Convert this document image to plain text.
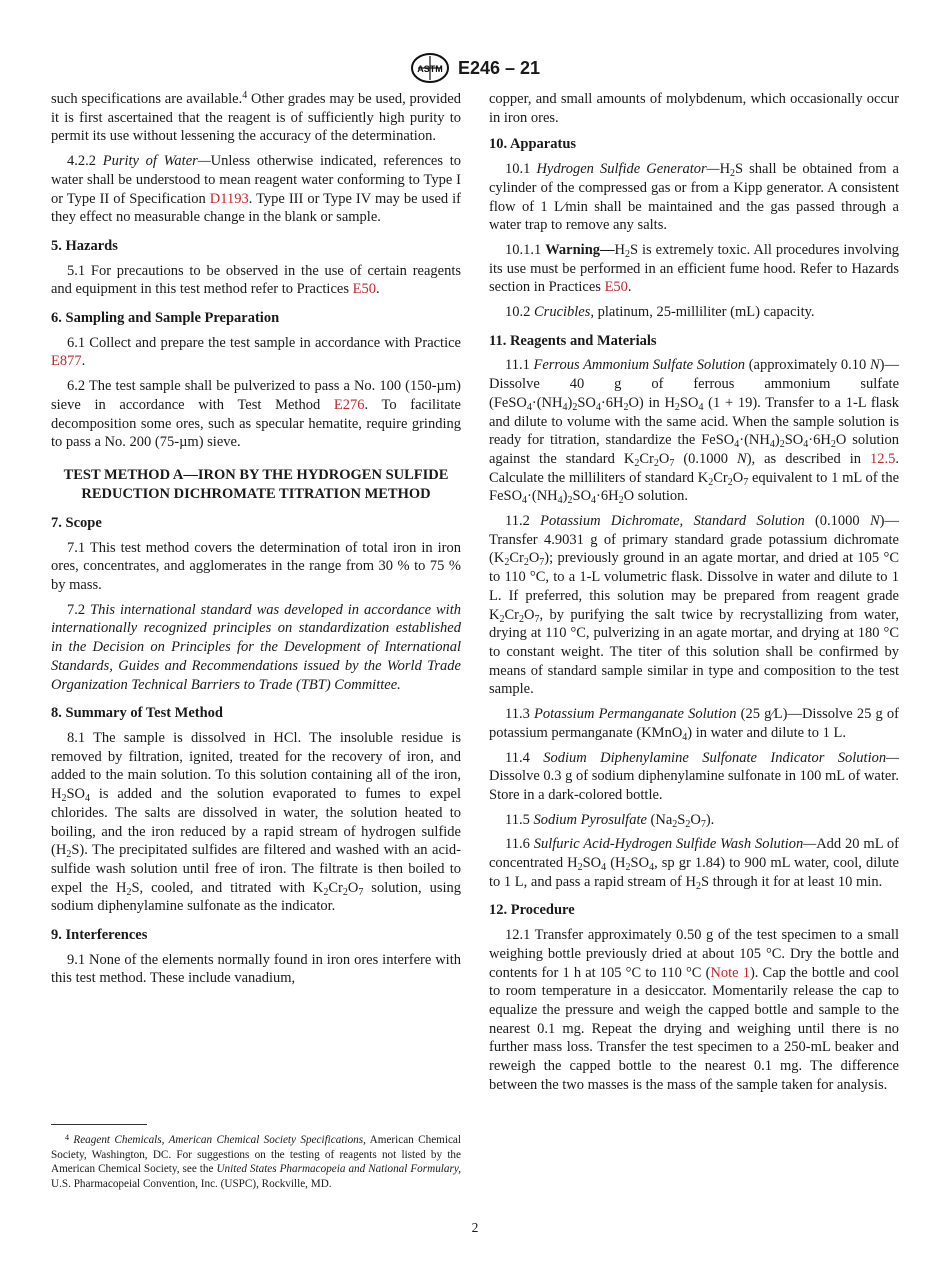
ASTM E246 – 21

such specifications are available.$^4$ Other grades may be used, provided it is first ascertained that the reagent is of sufficiently high purity to permit its use without lessening the accuracy of the determination.

4.2.2 Purity of Water—Unless otherwise indicated, references to water shall be understood to mean reagent water conforming to Type I or Type II of Specification D1193. Type III or Type IV may be used if they effect no measurable change in the blank or sample.

5. Hazards

5.1 For precautions to be observed in the use of certain reagents and equipment in this test method refer to Practices E50.

6. Sampling and Sample Preparation

6.1 Collect and prepare the test sample in accordance with Practice E877.

6.2 The test sample shall be pulverized to pass a No. 100 (150-µm) sieve in accordance with Test Method E276. To facilitate decomposition some ores, such as specular hematite, require grinding to pass a No. 200 (75-µm) sieve.

TEST METHOD A—IRON BY THE HYDROGEN SULFIDE REDUCTION DICHROMATE TITRATION METHOD
7. Scope

7.1 This test method covers the determination of total iron in iron ores, concentrates, and agglomerates in the range from 30 % to 75 % by mass.

7.2 This international standard was developed in accordance with internationally recognized principles on standardization established in the Decision on Principles for the Development of International Standards, Guides and Recommendations issued by the World Trade Organization Technical Barriers to Trade (TBT) Committee.

8. Summary of Test Method

8.1 The sample is dissolved in HCl. The insoluble residue is removed by filtration, ignited, treated for the recovery of iron, and added to the main solution. To this solution containing all of the iron, $H_2SO_4$ is added and the solution evaporated to fumes to expel chlorides. The salts are dissolved in water, the solution heated to boiling, and the iron reduced by a rapid stream of hydrogen sulfide $(H_2S)$. The precipitated sulfides are filtered and washed with an acid-sulfide wash solution until free of iron. The filtrate is then boiled to expel the $H_2S$, cooled, and titrated with $K_2Cr_2O_7$ solution, using sodium diphenylamine sulfonate as the indicator.

9. Interferences

9.1 None of the elements normally found in iron ores interfere with this test method. These include vanadium,

$^4$ Reagent Chemicals, American Chemical Society Specifications, American Chemical Society, Washington, DC. For suggestions on the testing of reagents not listed by the American Chemical Society, see the United States Pharmacopeia and National Formulary, U.S. Pharmacopeial Convention, Inc. (USPC), Rockville, MD.

copper, and small amounts of molybdenum, which occasionally occur in iron ores.

10. Apparatus

10.1 Hydrogen Sulfide $Generator—H_2S$ shall be obtained from a cylinder of the compressed gas or from a Kipp generator. A consistent flow of 1 L⁄min shall be maintained and the gas passed through a water trap to remove any salts.

10.1.1 $Warning—H_2S$ is extremely toxic. All procedures involving its use must be performed in an efficient fume hood. Refer to Hazards section in Practices E50.

10.2 Crucibles, platinum, 25-milliliter (mL) capacity.

11. Reagents and Materials

11.1 Ferrous Ammonium Sulfate Solution (approximately 0.10 N)—Dissolve 40 g of ferrous ammonium sulfate $(FeSO_4\cdot(NH_4)_2SO_4\cdot 6H_2O)$ in $H_2SO_4$ (1 + 19). Transfer to a 1-L flask and dilute to volume with the same acid. When the sample solution is ready for titration, standardize the $FeSO_4\cdot(NH_4)_2SO_4\cdot 6H_2O$ solution against the standard $K_2Cr_2O_7$ (0.1000 N), as described in 12.5. Calculate the milliliters of standard $K_2Cr_2O_7$ equivalent to 1 mL of the $FeSO_4\cdot(NH_4)_2SO_4\cdot 6H_2O$ solution.

11.2 Potassium Dichromate, Standard Solution (0.1000 N)—Transfer 4.9031 g of primary standard grade potassium dichromate $(K_2Cr_2O_7)$; previously ground in an agate mortar, and dried at 105 °C to 110 °C, to a 1-L volumetric flask. Dissolve in water and dilute to 1 L. If preferred, this solution may be prepared from reagent grade $K_2Cr_2O_7$, by purifying the salt twice by recrystallizing from water, drying at 110 °C, pulverizing in an agate mortar, and drying at 180 °C to constant weight. The titer of this solution shall be confirmed by means of standard sample similar in type and composition to the test sample.

11.3 Potassium Permanganate Solution (25 g⁄L)—Dissolve 25 g of potassium permanganate (KMnO$_4$) in water and dilute to 1 L.

11.4 Sodium Diphenylamine Sulfonate Indicator Solution—Dissolve 0.3 g of sodium diphenylamine sulfonate in 100 mL of water. Store in a dark-colored bottle.

11.5 Sodium Pyrosulfate $(Na_2S_2O_7)$.

11.6 Sulfuric Acid-Hydrogen Sulfide Wash Solution—Add 20 mL of concentrated $H_2SO_4$ ($H_2SO_4$, sp gr 1.84) to 900 mL water, cool, dilute to 1 L, and pass a rapid stream of $H_2S$ through it for at least 10 min.

12. Procedure

12.1 Transfer approximately 0.50 g of the test specimen to a small weighing bottle previously dried at about 105 °C. Dry the bottle and contents for 1 h at 105 °C to 110 °C (Note 1). Cap the bottle and cool to room temperature in a desiccator. Momentarily release the cap to equalize the pressure and weigh the capped bottle and sample to the nearest 0.1 mg. Repeat the drying and weighing until there is no further mass loss. Transfer the test specimen to a 250-mL beaker and reweigh the capped bottle to the nearest 0.1 mg. The difference between the two masses is the mass of the sample taken for analysis.

2
